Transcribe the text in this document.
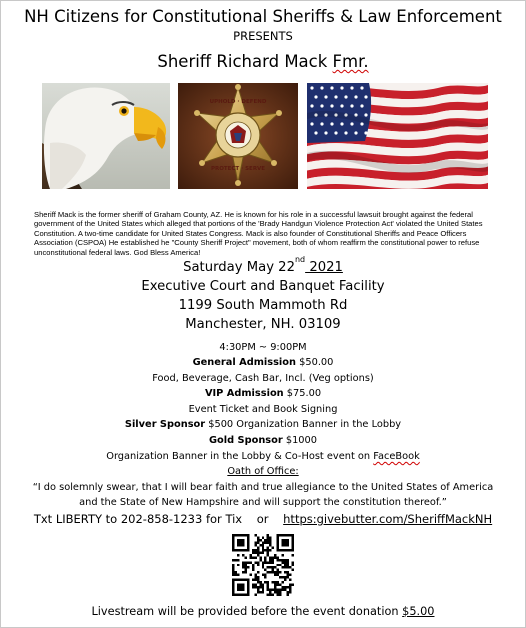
NH Citizens for Constitutional Sheriffs & Law Enforcement
PRESENTS
Sheriff Richard Mack Fmr.
UPHOLD · DEFEND
PROTECT · SERVE
Sheriff Mack is the former sheriff of Graham County, AZ. He is known for his role in a successful lawsuit brought against the federal government of the United States which alleged that portions of the 'Brady Handgun Violence Protection Act' violated the United States Constitution. A two-time candidate for United States Congress. Mack is also founder of Constitutional Sheriffs and Peace Officers Association (CSPOA) He established he "County Sheriff Project" movement, both of whom reaffirm the constitutional power to refuse unconstitutional federal laws. God Bless America!
Saturday May 22nd 2021
Executive Court and Banquet Facility
1199 South Mammoth Rd
Manchester, NH. 03109
4:30PM ~ 9:00PM
General Admission $50.00
Food, Beverage, Cash Bar, Incl. (Veg options)
VIP Admission $75.00
Event Ticket and Book Signing
Silver Sponsor $500 Organization Banner in the Lobby
Gold Sponsor $1000
Organization Banner in the Lobby & Co-Host event on FaceBook
Oath of Office:
“I do solemnly swear, that I will bear faith and true allegiance to the United States of America
and the State of New Hampshire and will support the constitution thereof.”
Txt LIBERTY to 202-858-1233 for Tix or https:givebutter.com/SheriffMackNH
Livestream will be provided before the event donation $5.00
